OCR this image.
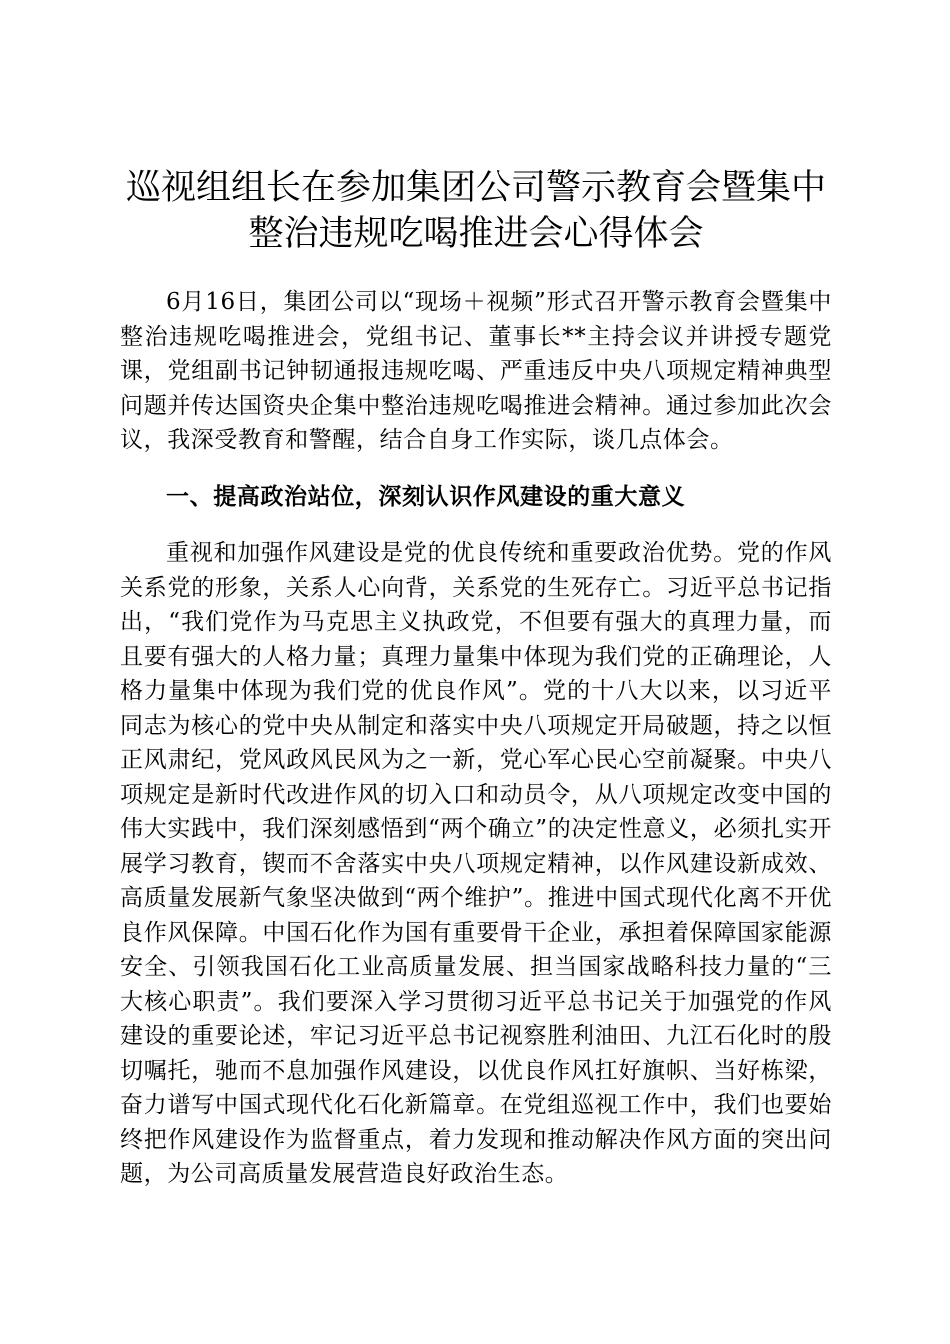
巡视组组长在参加集团公司警示教育会暨集中
整治违规吃喝推进会心得体会

6月16日，集团公司以“现场＋视频”形式召开警示教育会暨集中整治违规吃喝推进会，党组书记、董事长**主持会议并讲授专题党课，党组副书记钟韧通报违规吃喝、严重违反中央八项规定精神典型问题并传达国资央企集中整治违规吃喝推进会精神。通过参加此次会议，我深受教育和警醒，结合自身工作实际，谈几点体会。

一、提高政治站位，深刻认识作风建设的重大意义

重视和加强作风建设是党的优良传统和重要政治优势。党的作风关系党的形象，关系人心向背，关系党的生死存亡。习近平总书记指出，“我们党作为马克思主义执政党，不但要有强大的真理力量，而且要有强大的人格力量；真理力量集中体现为我们党的正确理论，人格力量集中体现为我们党的优良作风”。党的十八大以来，以习近平同志为核心的党中央从制定和落实中央八项规定开局破题，持之以恒正风肃纪，党风政风民风为之一新，党心军心民心空前凝聚。中央八项规定是新时代改进作风的切入口和动员令，从八项规定改变中国的伟大实践中，我们深刻感悟到“两个确立”的决定性意义，必须扎实开展学习教育，锲而不舍落实中央八项规定精神，以作风建设新成效、高质量发展新气象坚决做到“两个维护”。推进中国式现代化离不开优良作风保障。中国石化作为国有重要骨干企业，承担着保障国家能源安全、引领我国石化工业高质量发展、担当国家战略科技力量的“三大核心职责”。我们要深入学习贯彻习近平总书记关于加强党的作风建设的重要论述，牢记习近平总书记视察胜利油田、九江石化时的殷切嘱托，驰而不息加强作风建设，以优良作风扛好旗帜、当好栋梁，奋力谱写中国式现代化石化新篇章。在党组巡视工作中，我们也要始终把作风建设作为监督重点，着力发现和推动解决作风方面的突出问题，为公司高质量发展营造良好政治生态。
